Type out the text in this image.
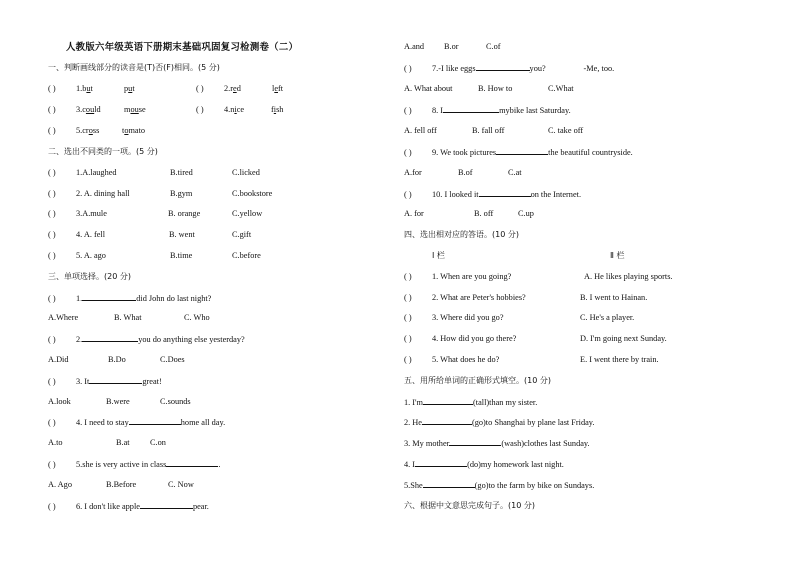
人教版六年级英语下册期末基础巩固复习检测卷（二）
一、判断画线部分的读音是(T)否(F)相同。(5 分)
( ) 1.but	put	( ) 2.red	left
( ) 3.could	mouse	( ) 4.nice	fish
( ) 5.cross	tomato
二、选出不同类的一项。(5 分)
( ) 1.A.laughed	B.tired	C.licked
( ) 2. A. dining hall	B.gym	C.bookstore
( ) 3.A.mule	B. orange	C.yellow
( ) 4. A. fell	B. went	C.gift
( ) 5. A. ago	B.time	C.before
三、单项选择。(20 分)
( ) 1.	did John do last night?
A.Where	B. What	C. Who
( ) 2.	you do anything else yesterday?
A.Did	B.Do	C.Does
( ) 3. It	great!
A.look	B.were	C.sounds
( ) 4. I need to stay	home all day.
A.to	B.at C.on
( ) 5.she is very active in class	.
A. Ago	B.Before	C. Now
( ) 6. I don't like apple	pear.
A.and B.or	C.of
( ) 7.-I like eggs	you?	-Me, too.
A. What about	B. How to	C.What
( ) 8. I	mybike last Saturday.
A. fell off	B. fall off	C. take off
( ) 9. We took pictures	the beautiful countryside.
A.for	B.of	C.at
( ) 10. I looked it	on the Internet.
A. for	B. off	C.up
四、选出相对应的答语。(10 分)
I 栏	Ⅱ 栏
( ) 1. When are you going?	A. He likes playing sports.
( ) 2. What are Peter's hobbies?	B. I went to Hainan.
( ) 3. Where did you go?	C. He's a player.
( ) 4. How did you go there?	D. I'm going next Sunday.
( ) 5. What does he do?	E. I went there by train.
五、用所给单词的正确形式填空。(10 分)
1. I'm	(tall)than my sister.
2. He	(go)to Shanghai by plane last Friday.
3. My mother	(wash)clothes last Sunday.
4. I	(do)my homework last night.
5.She	(go)to the farm by bike on Sundays.
六、根据中文意思完成句子。(10 分)
